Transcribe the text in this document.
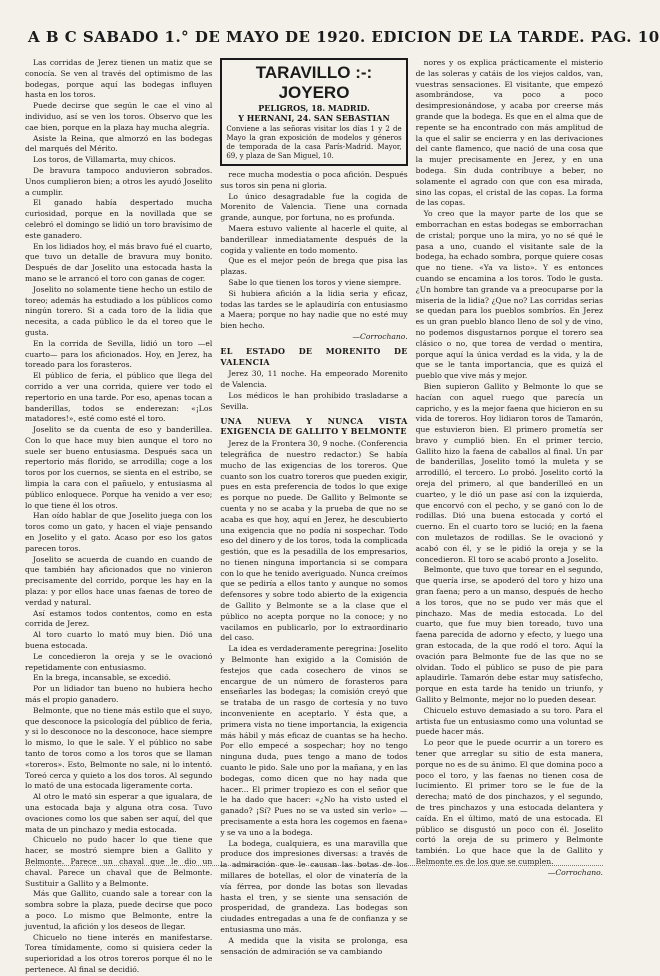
A B C SABADO 1.° DE MAYO DE 1920. EDICION DE LA TARDE. PAG. 10

Las corridas de Jerez tienen un matiz que se conocía. Se ven al través del optimismo de las bodegas, porque aquí las bodegas influyen hasta en los toros.

Puede decirse que según le cae el vino al individuo, así se ven los toros. Observo que les cae bien, porque en la plaza hay mucha alegría.

Asiste la Reina, que almorzó en las bodegas del marqués del Mérito.

Los toros, de Villamarta, muy chicos.

De bravura tampoco anduvieron sobrados. Unos cumplieron bien; a otros les ayudó Joselito a cumplir.

El ganado había despertado mucha curiosidad, porque en la novillada que se celebró el domingo se lidió un toro bravísimo de este ganadero.

En los lidiados hoy, el más bravo fué el cuarto, que tuvo un detalle de bravura muy bonito. Después de dar Joselito una estocada hasta la mano se le arrancó el toro con ganas de coger.

Joselito no solamente tiene hecho un estilo de toreo; además ha estudiado a los públicos como ningún torero. Si a cada toro de la lidia que necesita, a cada público le da el toreo que le gusta.

En la corrida de Sevilla, lidió un toro —el cuarto— para los aficionados. Hoy, en Jerez, ha toreado para los forasteros.

El público de feria, el público que llega del corrido a ver una corrida, quiere ver todo el repertorio en una tarde. Por eso, apenas tocan a banderillas, todos se enderezan: «¡Los matadores!», esté como esté el toro.

Joselito se da cuenta de eso y banderillea. Con lo que hace muy bien aunque el toro no suele ser bueno entusiasma. Después saca un repertorio más florido, se arrodilla; coge a los toros por los cuernos, se sienta en el estribo, se limpia la cara con el pañuelo, y entusiasma al público enloquece. Porque ha venido a ver eso; lo que tiene él los otros.

Han oído hablar de que Joselito juega con los toros como un gato, y hacen el viaje pensando en Joselito y el gato. Acaso por eso los gatos parecen toros.

Joselito se acuerda de cuando en cuando de que también hay aficionados que no vinieron precisamente del corrido, porque les hay en la plaza: y por ellos hace unas faenas de toreo de verdad y natural.

Así estamos todos contentos, como en esta corrida de Jerez.

Al toro cuarto lo mató muy bien. Dió una buena estocada.

Le concedieron la oreja y se le ovacionó repetidamente con entusiasmo.

En la brega, incansable, se excedió.

Por un lidiador tan bueno no hubiera hecho más el propio ganadero.

Belmonte, que no tiene más estilo que el suyo, que desconoce la psicología del público de feria, y si lo desconoce no la desconoce, hace siempre lo mismo, lo que le sale. Y el público no sabe tanto de toros como a los toros que se llaman «toreros». Esto, Belmonte no sale, ni lo intentó. Toreó cerca y quieto a los dos toros. Al segundo lo mató de una estocada ligeramente corta.

Al otro le mató sin esperar a que igualara, de una estocada baja y alguna otra cosa. Tuvo ovaciones como los que saben ser aquí, del que mata de un pinchazo y media estocada.

Chicuelo no pudo hacer lo que tiene que hacer, se mostró siempre bien a Gallito y Belmonte. Parece un chaval que le dio un chaval. Parece un chaval que de Belmonte. Sustituir a Gallito y a Belmonte.

Más que Gallito, cuando sale a torear con la sombra sobre la plaza, puede decirse que poco a poco. Lo mismo que Belmonte, entre la juventud, la afición y los deseos de llegar.

Chicuelo no tiene interés en manifestarse. Torea tímidamente, como si quisiera ceder la superioridad a los otros toreros porque él no le pertenece. Al final se decidió.

TARAVILLO :-: JOYERO
PELIGROS, 18. MADRID.
Y HERNANI, 24. SAN SEBASTIAN
Conviene a las señoras visitar los días 1 y 2 de Mayo la gran exposición de modelos y géneros de temporada de la casa París-Madrid. Mayor, 69, y plaza de San Miguel, 10.

rece mucha modestia o poca afición. Después sus toros sin pena ni gloria.

Lo único desagradable fue la cogida de Morenito de Valencia. Tiene una cornada grande, aunque, por fortuna, no es profunda.

Maera estuvo valiente al hacerle el quite, al banderillear inmediatamente después de la cogida y valiente en todo momento.

Que es el mejor peón de brega que pisa las plazas.

Sabe lo que tienen los toros y viene siempre.

Si hubiera afición a la lidia seria y eficaz, todas las tardes se le aplaudiría con entusiasmo a Maera; porque no hay nadie que no esté muy bien hecho.

—Corrochano.

EL ESTADO DE MORENITO DE VALENCIA

Jerez 30, 11 noche. Ha empeorado Morenito de Valencia.

Los médicos le han prohibido trasladarse a Sevilla.

UNA NUEVA Y NUNCA VISTA EXIGENCIA DE GALLITO Y BELMONTE

Jerez de la Frontera 30, 9 noche. (Conferencia telegráfica de nuestro redactor.) Se había mucho de las exigencias de los toreros. Que cuanto son los cuatro toreros que pueden exigir, pues en esta preferencia de todos lo que exige es porque no puede. De Gallito y Belmonte se cuenta y no se acaba y la prueba de que no se acaba es que hoy, aquí en Jerez, he descubierto una exigencia que no podía ni sospechar. Todo eso del dinero y de los toros, toda la complicada gestión, que es la pesadilla de los empresarios, no tienen ninguna importancia si se compara con lo que he tenido averiguado. Nunca creímos que se pediría a ellos tanto y aunque no somos defensores y sobre todo abierto de la exigencia de Gallito y Belmonte se a la clase que el público no acepta porque no la conoce; y no vacilamos en publicarlo, por lo extraordinario del caso.

La idea es verdaderamente peregrina: Joselito y Belmonte han exigido a la Comisión de festejos que cada cosechero de vinos se encargue de un número de forasteros para enseñarles las bodegas; la comisión creyó que se trataba de un rasgo de cortesía y no tuvo inconveniente en aceptarlo. Y ésta que, a primera vista no tiene importancia, la exigencia más hábil y más eficaz de cuantas se ha hecho. Por ello empecé a sospechar; hoy no tengo ninguna duda, pues tengo a mano de todos cuanto le pido. Sale uno por la mañana, y en las bodegas, como dicen que no hay nada que hacer... El primer tropiezo es con el señor que le ha dado que hacer: «¿No ha visto usted el ganado? ¡Sí? Pues no se va usted sin verlo» — precisamente a esta hora les cogemos en faena» y se va uno a la bodega.

La bodega, cualquiera, es una maravilla que produce dos impresiones diversas: a través de la admiración que le causan las botas de los millares de botellas, el olor de vinatería de la vía férrea, por donde las botas son llevadas hasta el tren, y se siente una sensación de prosperidad, de grandeza. Las bodegas son ciudades entregadas a una fe de confianza y se entusiasma uno más.

A medida que la visita se prolonga, esa sensación de admiración se va cambiando

nores y os explica prácticamente el misterio de las soleras y catáis de los viejos caldos, van, vuestras sensaciones. El visitante, que empezó asombrándose, va poco a poco desimpresionándose, y acaba por creerse más grande que la bodega. Es que en el alma que de repente se ha encontrado con más amplitud de la que el salir se encierra y en las derivaciones del cante flamenco, que nació de una cosa que la mujer precisamente en Jerez, y en una bodega. Sin duda contribuye a beber, no solamente el agrado con que con esa mirada, sino las copas, el cristal de las copas. La forma de las copas.

Yo creo que la mayor parte de los que se emborrachan en estas bodegas se emborrachan de cristal; porque uno la mira, yo no sé qué le pasa a uno, cuando el visitante sale de la bodega, ha echado sombra, porque quiere cosas que no tiene. «Ya va listo». Y es entonces cuando se encamina a los toros. Todo le gusta. ¿Un hombre tan grande va a preocuparse por la miseria de la lidia? ¿Que no? Las corridas serias se quedan para los pueblos sombríos. En Jerez es un gran pueblo blanco lleno de sol y de vino, no podemos disgustarnos porque el torero sea clásico o no, que torea de verdad o mentira, porque aquí la única verdad es la vida, y la de que se le tanta importancia, que es quizá el pueblo que vive más y mejor.

Bien supieron Gallito y Belmonte lo que se hacían con aquel ruego que parecía un capricho, y es la mejor faena que hicieron en su vida de toreros. Hoy lidiaron toros de Tamarón, que estuvieron bien. El primero prometía ser bravo y cumplió bien. En el primer tercio, Gallito hizo la faena de caballos al final. Un par de banderillas, Joselito tomó la muleta y se arrodilló, el tercero. Lo probó. Joselito cortó la oreja del primero, al que banderilleó en un cuarteo, y le dió un pase así con la izquierda, que encorvó con el pecho, y se ganó con lo de rodillas. Dió una buena estocada y cortó el cuerno. En el cuarto toro se lució; en la faena con muletazos de rodillas. Se le ovacionó y acabó con él, y se le pidió la oreja y se la concedieron. El toro se acabó pronto a Joselito.

Belmonte, que tuvo que torear en el segundo, que quería irse, se apoderó del toro y hizo una gran faena; pero a un manso, después de hecho a los toros, que no se pudo ver más que el pinchazo. Mas de media estocada. Lo del cuarto, que fue muy bien toreado, tuvo una faena parecida de adorno y efecto, y luego una gran estocada, de la que rodó el toro. Aquí la ovación para Belmonte fue de las que no se olvidan. Todo el público se puso de pie para aplaudirle. Tamarón debe estar muy satisfecho, porque en esta tarde ha tenido un triunfo, y Gallito y Belmonte, mejor no lo pueden desear.

Chicuelo estuvo demasiado a su toro. Para el artista fue un entusiasmo como una voluntad se puede hacer más.

Lo peor que le puede ocurrir a un torero es tener que arreglar su sitio de esta manera, porque no es de su ánimo. El que domina poco a poco el toro, y las faenas no tienen cosa de lucimiento. El primer toro se le fue de la derecha; mató de dos pinchazos, y el segundo, de tres pinchazos y una estocada delantera y caída. En el último, mató de una estocada. El público se disgustó un poco con él. Joselito cortó la oreja de su primero y Belmonte también. Lo que hace que la de Gallito y Belmonte es de los que se cumplen.

—Corrochano.
